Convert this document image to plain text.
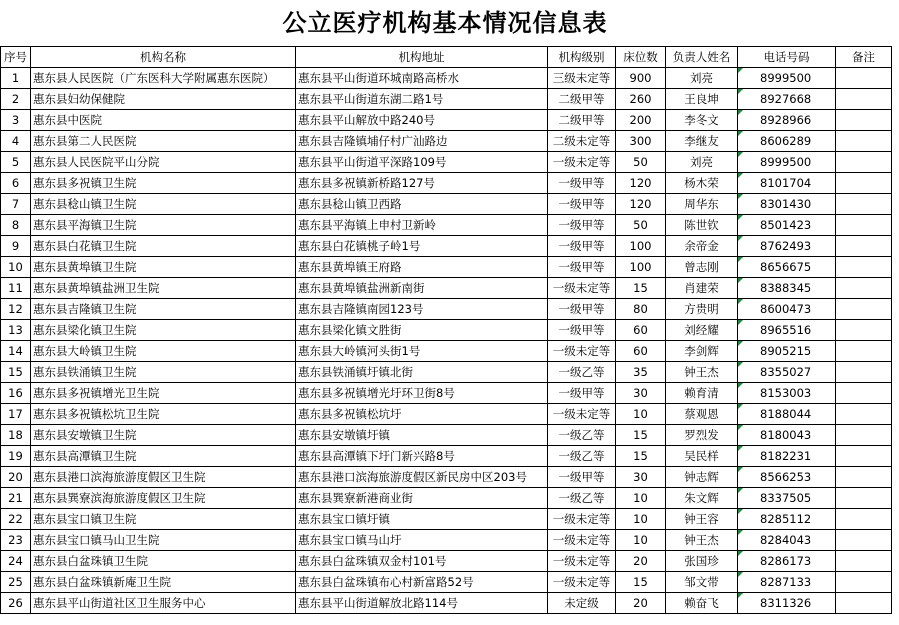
公立医疗机构基本情况信息表
序号	机构名称	机构地址	机构级别	床位数	负责人姓名	电话号码	备注
1	惠东县人民医院（广东医科大学附属惠东医院）	惠东县平山街道环城南路高桥水	三级未定等	900	刘亮	8999500	
2	惠东县妇幼保健院	惠东县平山街道东湖二路1号	二级甲等	260	王良坤	8927668	
3	惠东县中医院	惠东县平山解放中路240号	二级甲等	200	李冬文	8928966	
4	惠东县第二人民医院	惠东县吉隆镇埔仔村广汕路边	二级未定等	300	李继友	8606289	
5	惠东县人民医院平山分院	惠东县平山街道平深路109号	一级未定等	50	刘亮	8999500	
6	惠东县多祝镇卫生院	惠东县多祝镇新桥路127号	一级甲等	120	杨木荣	8101704	
7	惠东县稔山镇卫生院	惠东县稔山镇卫西路	一级甲等	120	周华东	8301430	
8	惠东县平海镇卫生院	惠东县平海镇上申村卫新岭	一级甲等	50	陈世钦	8501423	
9	惠东县白花镇卫生院	惠东县白花镇桃子岭1号	一级甲等	100	余帝金	8762493	
10	惠东县黄埠镇卫生院	惠东县黄埠镇王府路	一级甲等	100	曾志刚	8656675	
11	惠东县黄埠镇盐洲卫生院	惠东县黄埠镇盐洲新南街	一级未定等	15	肖建荣	8388345	
12	惠东县吉隆镇卫生院	惠东县吉隆镇南园123号	一级甲等	80	方贵明	8600473	
13	惠东县梁化镇卫生院	惠东县梁化镇文胜街	一级甲等	60	刘经耀	8965516	
14	惠东县大岭镇卫生院	惠东县大岭镇河头街1号	一级未定等	60	李剑辉	8905215	
15	惠东县铁涌镇卫生院	惠东县铁涌镇圩镇北街	一级乙等	35	钟王杰	8355027	
16	惠东县多祝镇增光卫生院	惠东县多祝镇增光圩环卫街8号	一级甲等	30	赖育清	8153003	
17	惠东县多祝镇松坑卫生院	惠东县多祝镇松坑圩	一级未定等	10	蔡观恩	8188044	
18	惠东县安墩镇卫生院	惠东县安墩镇圩镇	一级乙等	15	罗烈发	8180043	
19	惠东县高潭镇卫生院	惠东县高潭镇下圩门新兴路8号	一级乙等	15	吴民样	8182231	
20	惠东县港口滨海旅游度假区卫生院	惠东县港口滨海旅游度假区新民房中区203号	一级甲等	30	钟志辉	8566253	
21	惠东县巽寮滨海旅游度假区卫生院	惠东县巽寮新港商业街	一级乙等	10	朱文辉	8337505	
22	惠东县宝口镇卫生院	惠东县宝口镇圩镇	一级未定等	10	钟王容	8285112	
23	惠东县宝口镇马山卫生院	惠东县宝口镇马山圩	一级未定等	10	钟王杰	8284043	
24	惠东县白盆珠镇卫生院	惠东县白盆珠镇双金村101号	一级未定等	20	张国珍	8286173	
25	惠东县白盆珠镇新庵卫生院	惠东县白盆珠镇布心村新富路52号	一级未定等	15	邹文带	8287133	
26	惠东县平山街道社区卫生服务中心	惠东县平山街道解放北路114号	未定级	20	赖奋飞	8311326	
